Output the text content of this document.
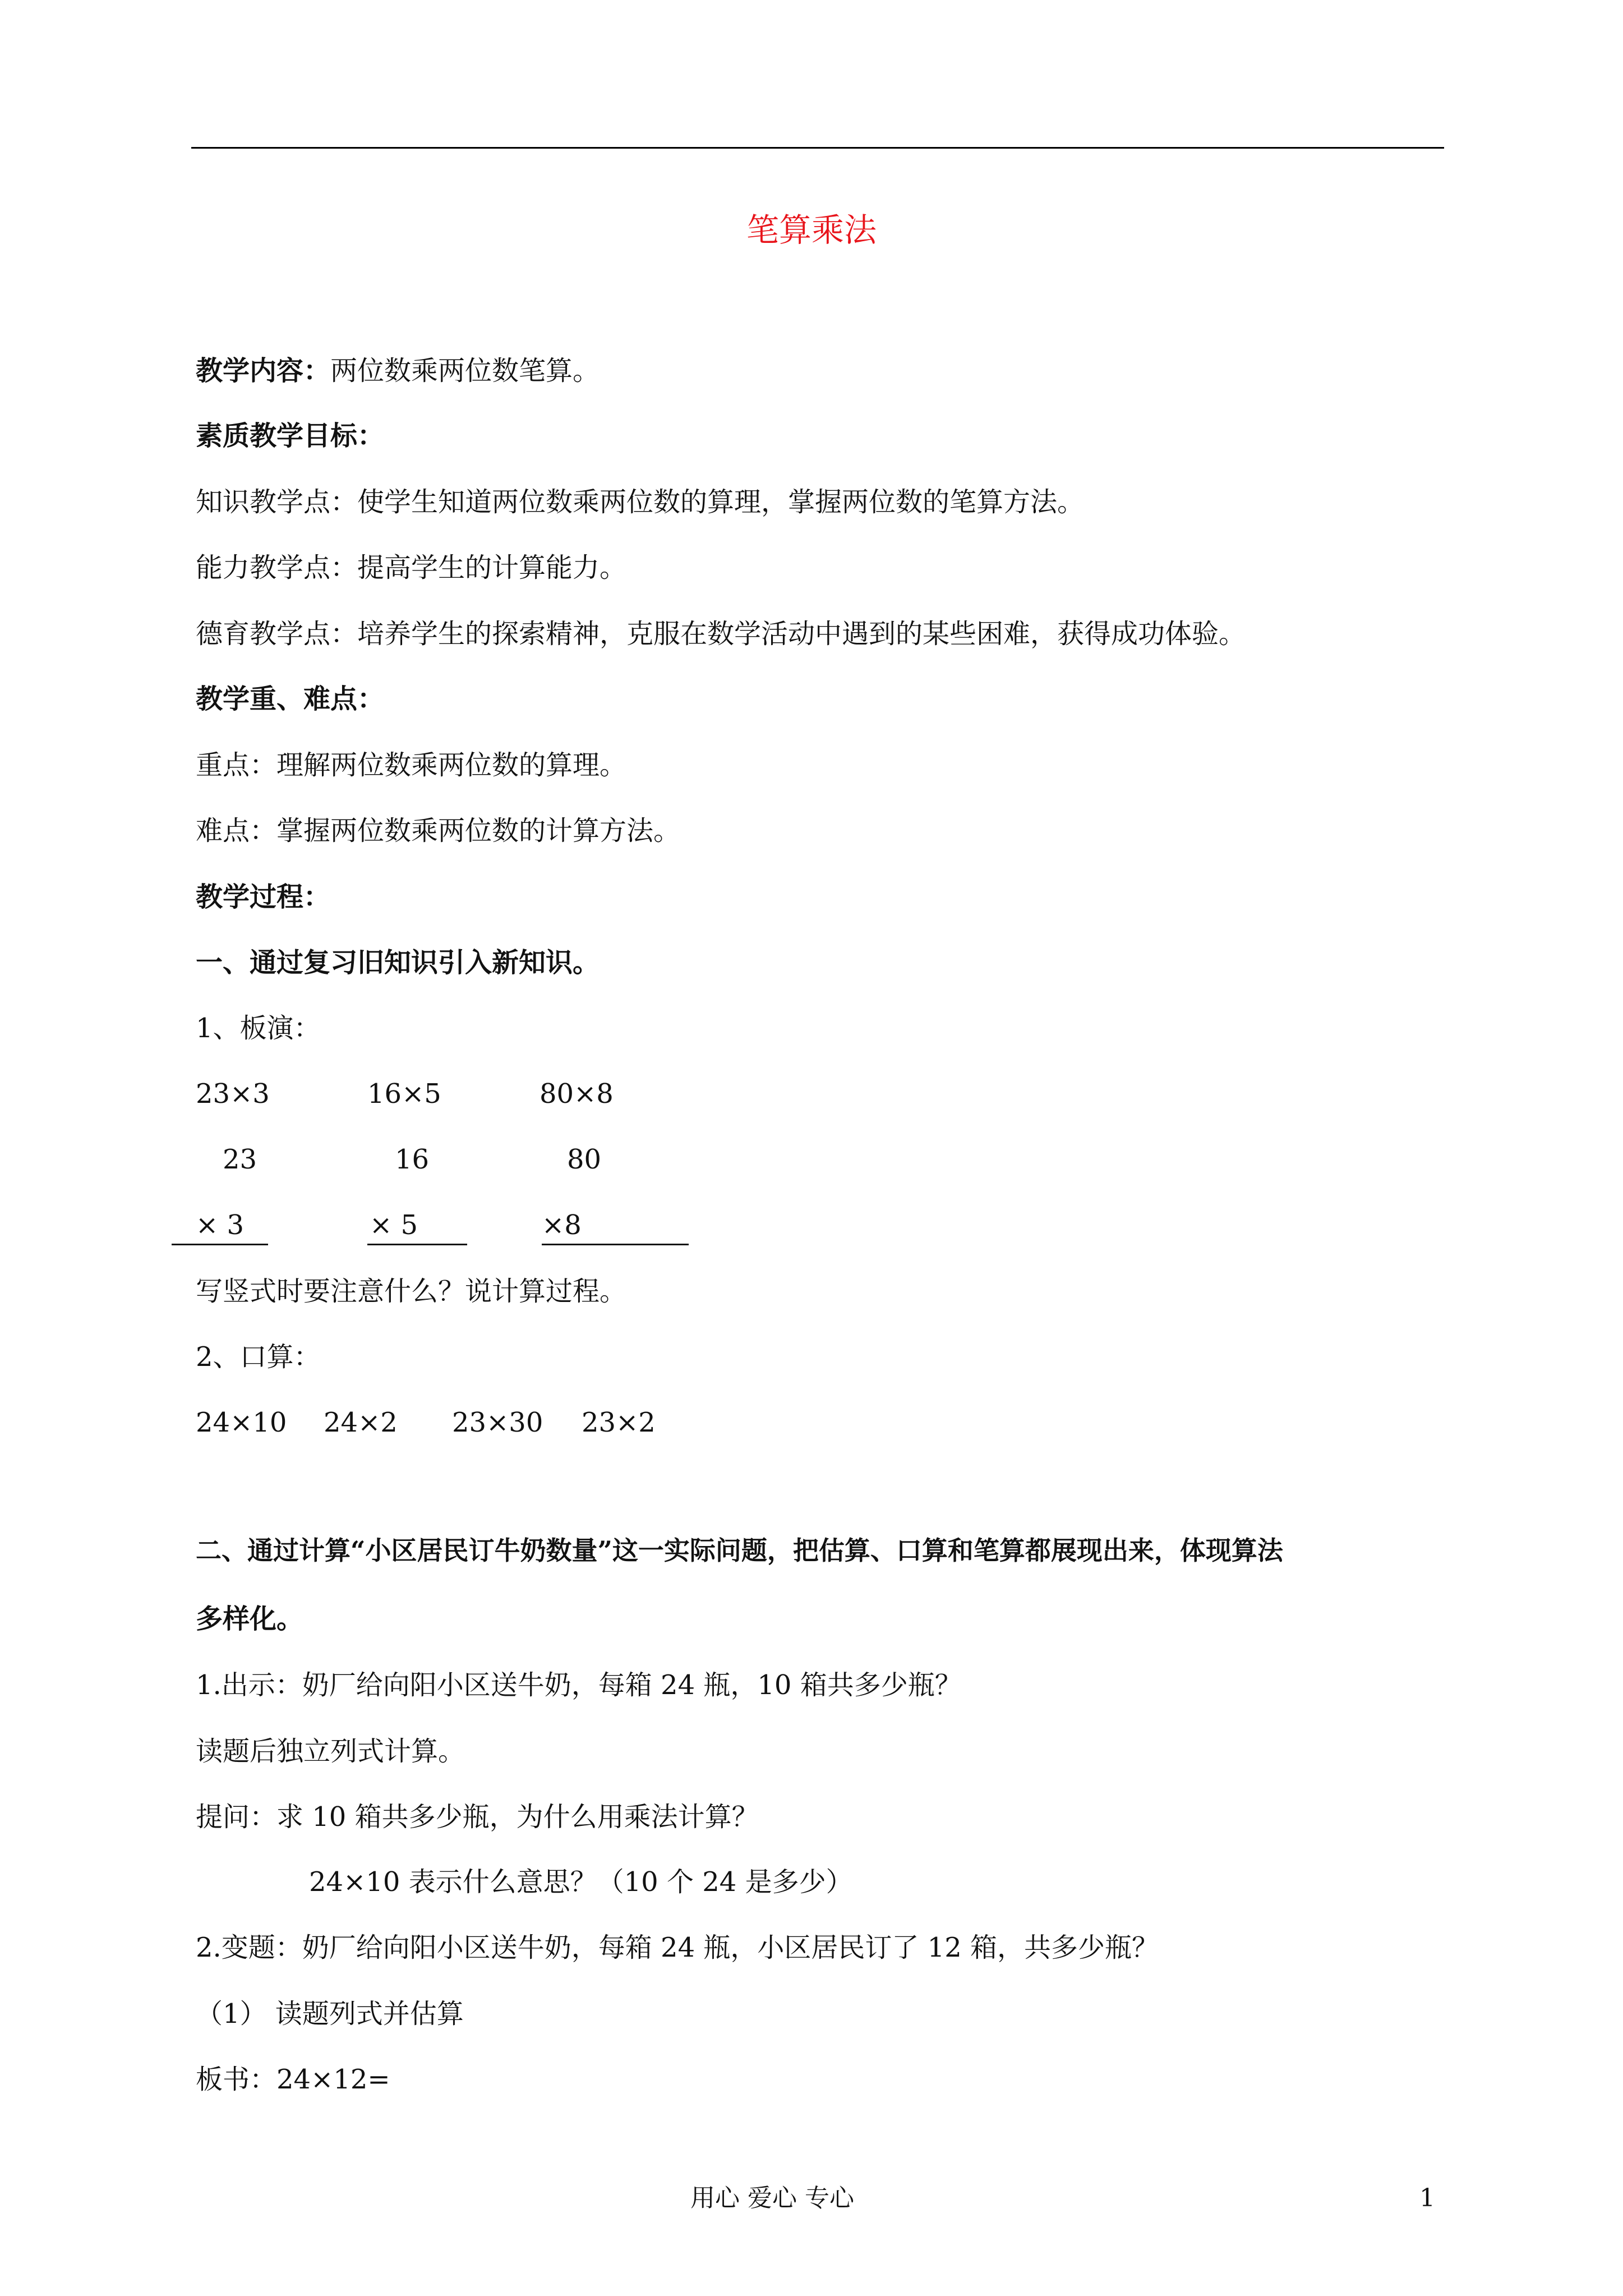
笔算乘法
教学内容：两位数乘两位数笔算。
素质教学目标：
知识教学点：使学生知道两位数乘两位数的算理，掌握两位数的笔算方法。
能力教学点：提高学生的计算能力。
德育教学点：培养学生的探索精神，克服在数学活动中遇到的某些困难，获得成功体验。
教学重、难点：
重点：理解两位数乘两位数的算理。
难点：掌握两位数乘两位数的计算方法。
教学过程：
一、通过复习旧知识引入新知识。
1、板演：
23×3	16×5	80×8
23	16	80
× 3	× 5	×8
写竖式时要注意什么？说计算过程。
2、口算：
24×10 24×2 23×30 23×2
二、通过计算“小区居民订牛奶数量”这一实际问题，把估算、口算和笔算都展现出来，体现算法
多样化。
1.出示：奶厂给向阳小区送牛奶，每箱 24 瓶，10 箱共多少瓶？
读题后独立列式计算。
提问：求 10 箱共多少瓶，为什么用乘法计算？
24×10 表示什么意思？（10 个 24 是多少）
2.变题：奶厂给向阳小区送牛奶，每箱 24 瓶，小区居民订了 12 箱，共多少瓶？
（1） 读题列式并估算
板书：24×12=
用心 爱心 专心	1
